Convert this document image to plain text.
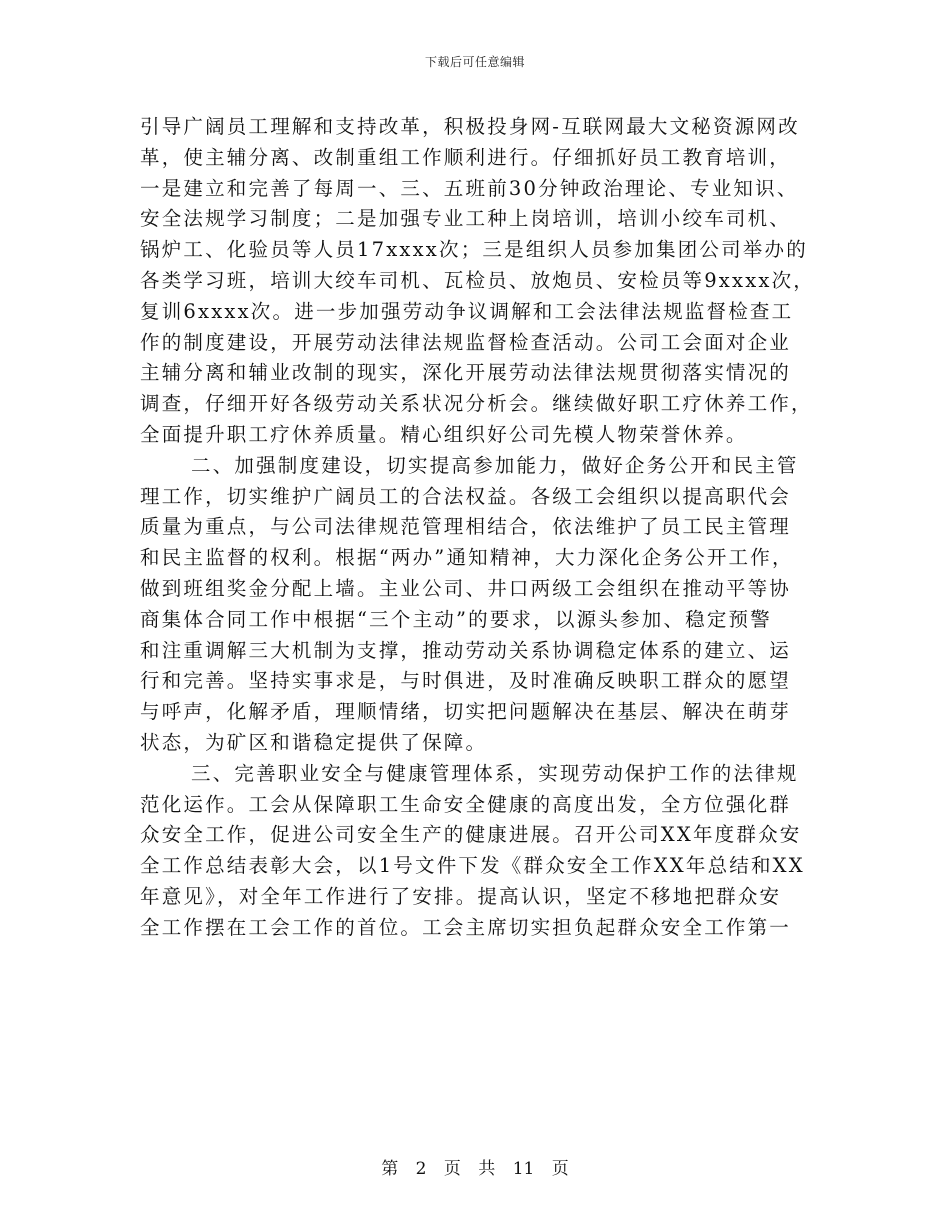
下载后可任意编辑
引导广阔员工理解和支持改革，积极投身网-互联网最大文秘资源网改
革，使主辅分离、改制重组工作顺利进行。仔细抓好员工教育培训，
一是建立和完善了每周一、三、五班前30分钟政治理论、专业知识、
安全法规学习制度；二是加强专业工种上岗培训，培训小绞车司机、
锅炉工、化验员等人员17xxxx次；三是组织人员参加集团公司举办的
各类学习班，培训大绞车司机、瓦检员、放炮员、安检员等9xxxx次，
复训6xxxx次。进一步加强劳动争议调解和工会法律法规监督检查工
作的制度建设，开展劳动法律法规监督检查活动。公司工会面对企业
主辅分离和辅业改制的现实，深化开展劳动法律法规贯彻落实情况的
调查，仔细开好各级劳动关系状况分析会。继续做好职工疗休养工作，
全面提升职工疗休养质量。精心组织好公司先模人物荣誉休养。
二、加强制度建设，切实提高参加能力，做好企务公开和民主管
理工作，切实维护广阔员工的合法权益。各级工会组织以提高职代会
质量为重点，与公司法律规范管理相结合，依法维护了员工民主管理
和民主监督的权利。根据“两办”通知精神，大力深化企务公开工作，
做到班组奖金分配上墙。主业公司、井口两级工会组织在推动平等协
商集体合同工作中根据“三个主动”的要求，以源头参加、稳定预警
和注重调解三大机制为支撑，推动劳动关系协调稳定体系的建立、运
行和完善。坚持实事求是，与时俱进，及时准确反映职工群众的愿望
与呼声，化解矛盾，理顺情绪，切实把问题解决在基层、解决在萌芽
状态，为矿区和谐稳定提供了保障。
三、完善职业安全与健康管理体系，实现劳动保护工作的法律规
范化运作。工会从保障职工生命安全健康的高度出发，全方位强化群
众安全工作，促进公司安全生产的健康进展。召开公司XX年度群众安
全工作总结表彰大会，以1号文件下发《群众安全工作XX年总结和XX
年意见》，对全年工作进行了安排。提高认识，坚定不移地把群众安
全工作摆在工会工作的首位。工会主席切实担负起群众安全工作第一
第 2 页 共 11 页
